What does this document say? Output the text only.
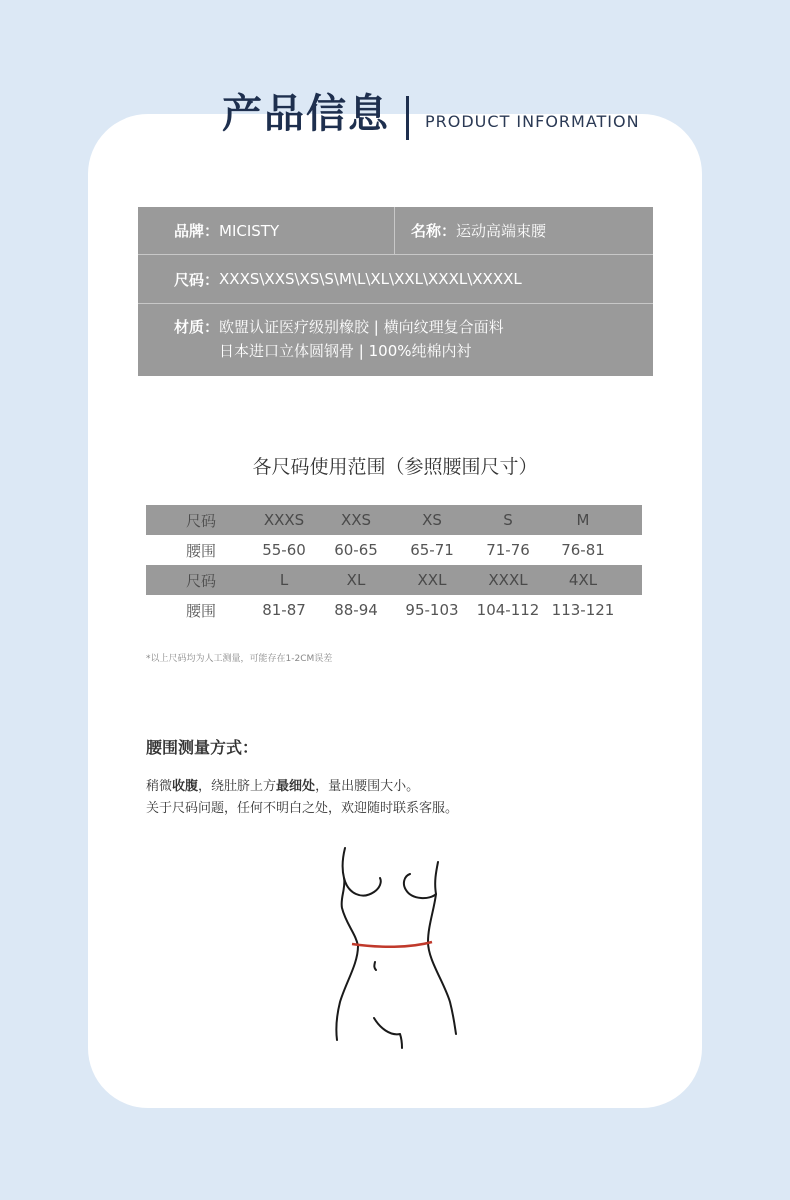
产品信息 PRODUCT INFORMATION
品牌： MICISTY	名称： 运动高端束腰
尺码： XXXS\XXS\XS\S\M\L\XL\XXL\XXXL\XXXXL
材质： 欧盟认证医疗级别橡胶 | 横向纹理复合面料
日本进口立体圆钢骨 | 100%纯棉内衬
各尺码使用范围（参照腰围尺寸）
尺码	XXXS	XXS	XS	S	M
腰围	55-60	60-65	65-71	71-76	76-81
尺码	L	XL	XXL	XXXL	4XL
腰围	81-87	88-94	95-103	104-112 113-121
*以上尺码均为人工测量，可能存在1-2CM误差
腰围测量方式：
稍微收腹，绕肚脐上方最细处，量出腰围大小。
关于尺码问题，任何不明白之处，欢迎随时联系客服。
